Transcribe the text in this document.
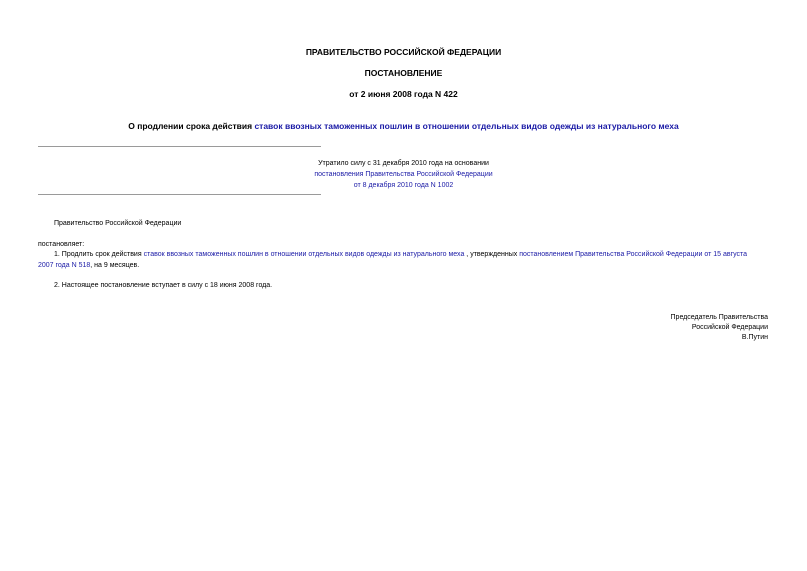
ПРАВИТЕЛЬСТВО РОССИЙСКОЙ ФЕДЕРАЦИИ
ПОСТАНОВЛЕНИЕ
от 2 июня 2008 года N 422
О продлении срока действия ставок ввозных таможенных пошлин в отношении отдельных видов одежды из натурального меха
Утратило силу с 31 декабря 2010 года на основании
постановления Правительства Российской Федерации
от 8 декабря 2010 года N 1002
Правительство Российской Федерации
постановляет:
1. Продлить срок действия ставок ввозных таможенных пошлин в отношении отдельных видов одежды из натурального меха , утвержденных постановлением Правительства Российской Федерации от 15 августа
2007 года N 518, на 9 месяцев.
2. Настоящее постановление вступает в силу с 18 июня 2008 года.
Председатель Правительства
Российской Федерации
В.Путин
